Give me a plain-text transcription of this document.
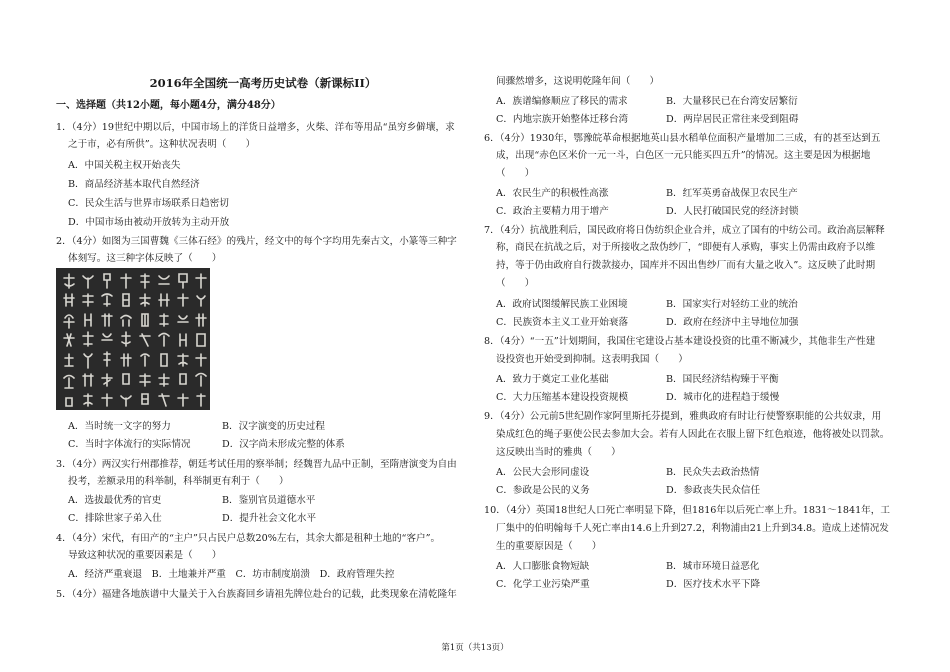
2016年全国统一高考历史试卷（新课标II）
一、选择题（共12小题，每小题4分，满分48分）
1．（4分）19世纪中期以后，中国市场上的洋货日益增多，火柴、洋布等用品“虽穷乡僻壤，求
之于市，必有所供”。这种状况表明（　　）
A．中国关税主权开始丧失
B．商品经济基本取代自然经济
C．民众生活与世界市场联系日趋密切
D．中国市场由被动开放转为主动开放
2．（4分）如图为三国曹魏《三体石经》的残片，经文中的每个字均用先秦古文，小篆等三种字
体刻写。这三种字体反映了（　　）
A．当时统一文字的努力	B．汉字演变的历史过程
C．当时字体流行的实际情况	D．汉字尚未形成完整的体系
3．（4分）两汉实行州郡推荐，朝廷考试任用的察举制；经魏晋九品中正制，至隋唐演变为自由
投考，差额录用的科举制，科举制更有利于（　　）
A．选拔最优秀的官吏	B．鉴别官员道德水平
C．排除世家子弟入仕	D．提升社会文化水平
4．（4分）宋代，有田产的“主户”只占民户总数20%左右，其余大都是租种土地的“客户”。
导致这种状况的重要因素是（　　）
A．经济严重衰退　B．土地兼并严重　C．坊市制度崩溃　D．政府管理失控
5．（4分）福建各地族谱中大量关于入台族裔回乡请祖先牌位赴台的记载，此类现象在清乾隆年
间骤然增多，这说明乾隆年间（　　）
A．族谱编修顺应了移民的需求	B．大量移民已在台湾安居繁衍
C．内地宗族开始整体迁移台湾	D．两岸居民正常往来受到阻碍
6．（4分）1930年，鄂豫皖革命根据地英山县水稻单位面积产量增加二三成，有的甚至达到五
成，出现“赤色区米价一元一斗，白色区一元只能买四五升”的情况。这主要是因为根据地
（　　）
A．农民生产的积极性高涨	B．红军英勇奋战保卫农民生产
C．政治主要精力用于增产	D．人民打破国民党的经济封锁
7．（4分）抗战胜利后，国民政府将日伪纺织企业合并，成立了国有的中纺公司。政治高层解释
称，商民在抗战之后，对于所接收之敌伪纱厂，“即便有人承购，事实上仍需由政府予以维
持，等于仍由政府自行拨款接办，国库并不因出售纱厂而有大量之收入”。这反映了此时期
（　　）
A．政府试图缓解民族工业困境	B．国家实行对轻纺工业的统治
C．民族资本主义工业开始衰落	D．政府在经济中主导地位加强
8．（4分）“一五”计划期间，我国住宅建设占基本建设投资的比重不断减少，其他非生产性建
设投资也开始受到抑制。这表明我国（　　）
A．致力于奠定工业化基础	B．国民经济结构臻于平衡
C．大力压缩基本建设投资规模	D．城市化的进程趋于缓慢
9．（4分）公元前5世纪剧作家阿里斯托芬提到，雅典政府有时让行使警察职能的公共奴隶，用
染成红色的绳子驱使公民去参加大会。若有人因此在衣服上留下红色痕迹，他将被处以罚款。
这反映出当时的雅典（　　）
A．公民大会形同虚设	B．民众失去政治热情
C．参政是公民的义务	D．参政丧失民众信任
10．（4分）英国18世纪人口死亡率明显下降，但1816年以后死亡率上升。1831～1841年，工
厂集中的伯明翰每千人死亡率由14.6上升到27.2，利物浦由21上升到34.8。造成上述情况发
生的重要原因是（　　）
A．人口膨胀食物短缺	B．城市环境日益恶化
C．化学工业污染严重	D．医疗技术水平下降
第1页（共13页）
